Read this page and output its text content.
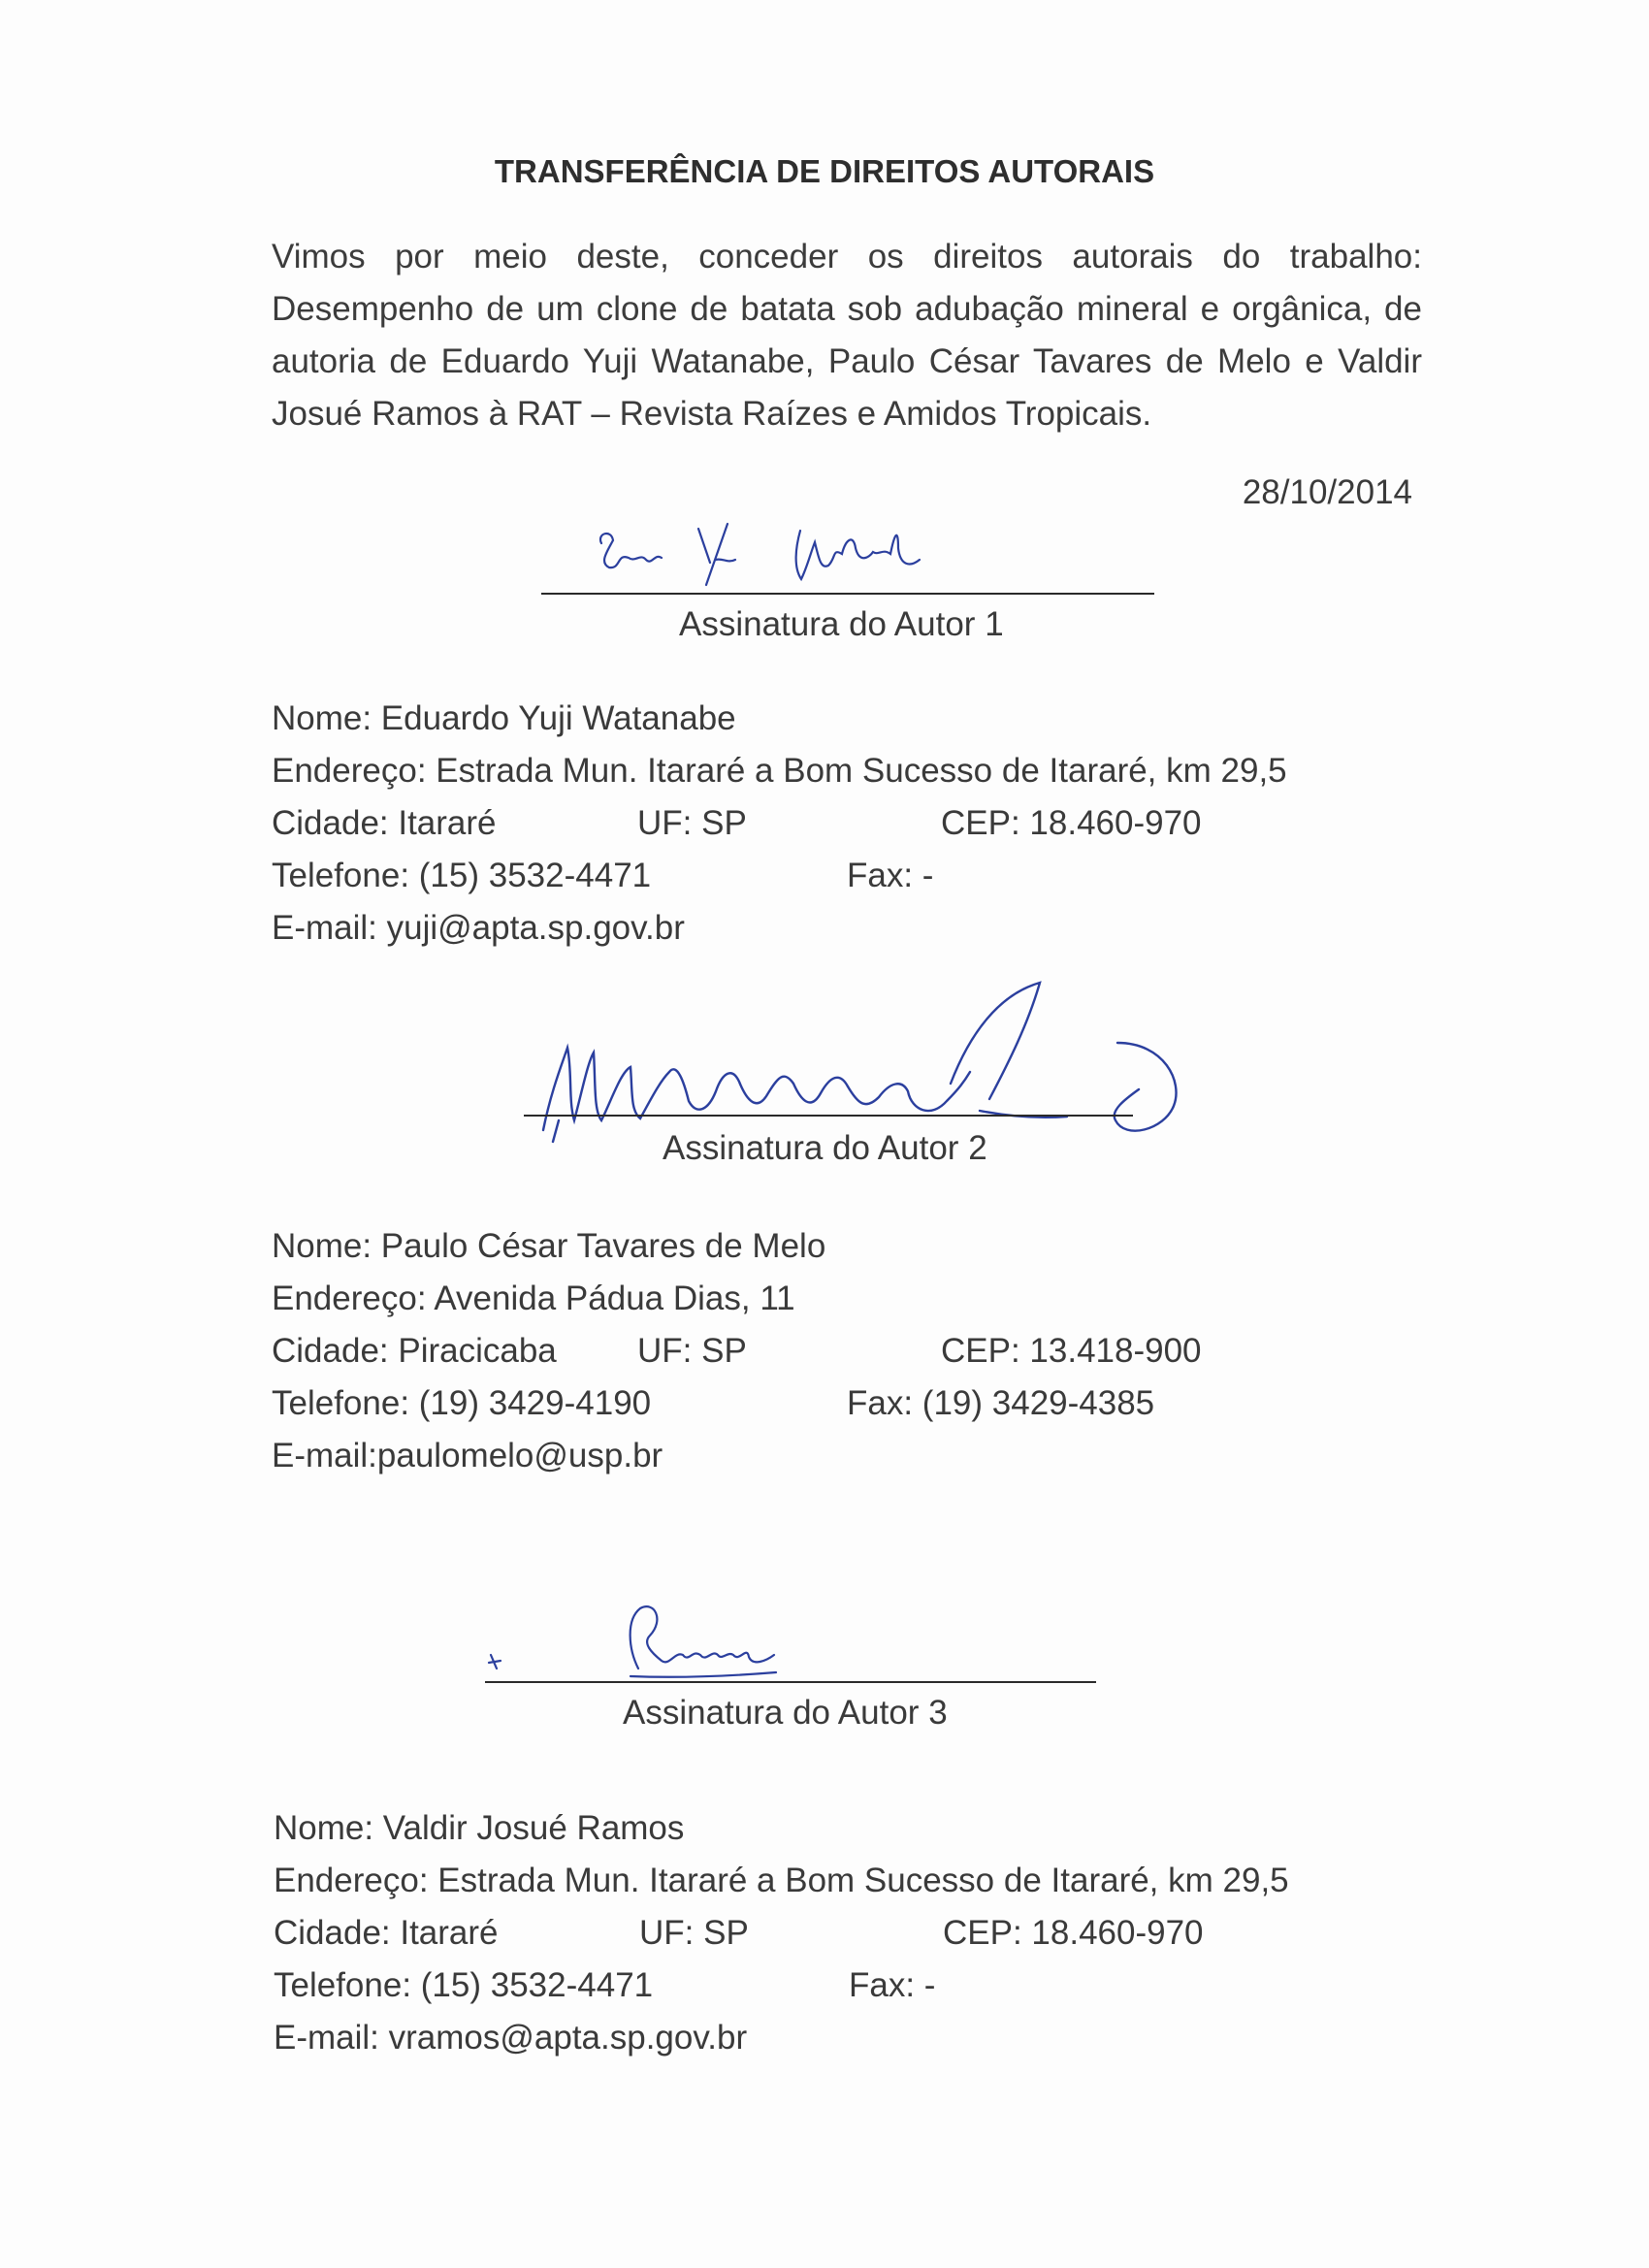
TRANSFERÊNCIA DE DIREITOS AUTORAIS
Vimos por meio deste, conceder os direitos autorais do trabalho: Desempenho de um clone de batata sob adubação mineral e orgânica, de autoria de Eduardo Yuji Watanabe, Paulo César Tavares de Melo e Valdir Josué Ramos à RAT – Revista Raízes e Amidos Tropicais.
28/10/2014
Assinatura do Autor 1
Nome: Eduardo Yuji Watanabe
Endereço: Estrada Mun. Itararé a Bom Sucesso de Itararé, km 29,5
Cidade: Itararé	UF: SP	CEP: 18.460-970
Telefone: (15) 3532-4471	Fax: -
E-mail: yuji@apta.sp.gov.br
Assinatura do Autor 2
Nome: Paulo César Tavares de Melo
Endereço: Avenida Pádua Dias, 11
Cidade: Piracicaba UF: SP	CEP: 13.418-900
Telefone: (19) 3429-4190	Fax: (19) 3429-4385
E-mail:paulomelo@usp.br
Assinatura do Autor 3
Nome: Valdir Josué Ramos
Endereço: Estrada Mun. Itararé a Bom Sucesso de Itararé, km 29,5
Cidade: Itararé	UF: SP	CEP: 18.460-970
Telefone: (15) 3532-4471	Fax: -
E-mail: vramos@apta.sp.gov.br
